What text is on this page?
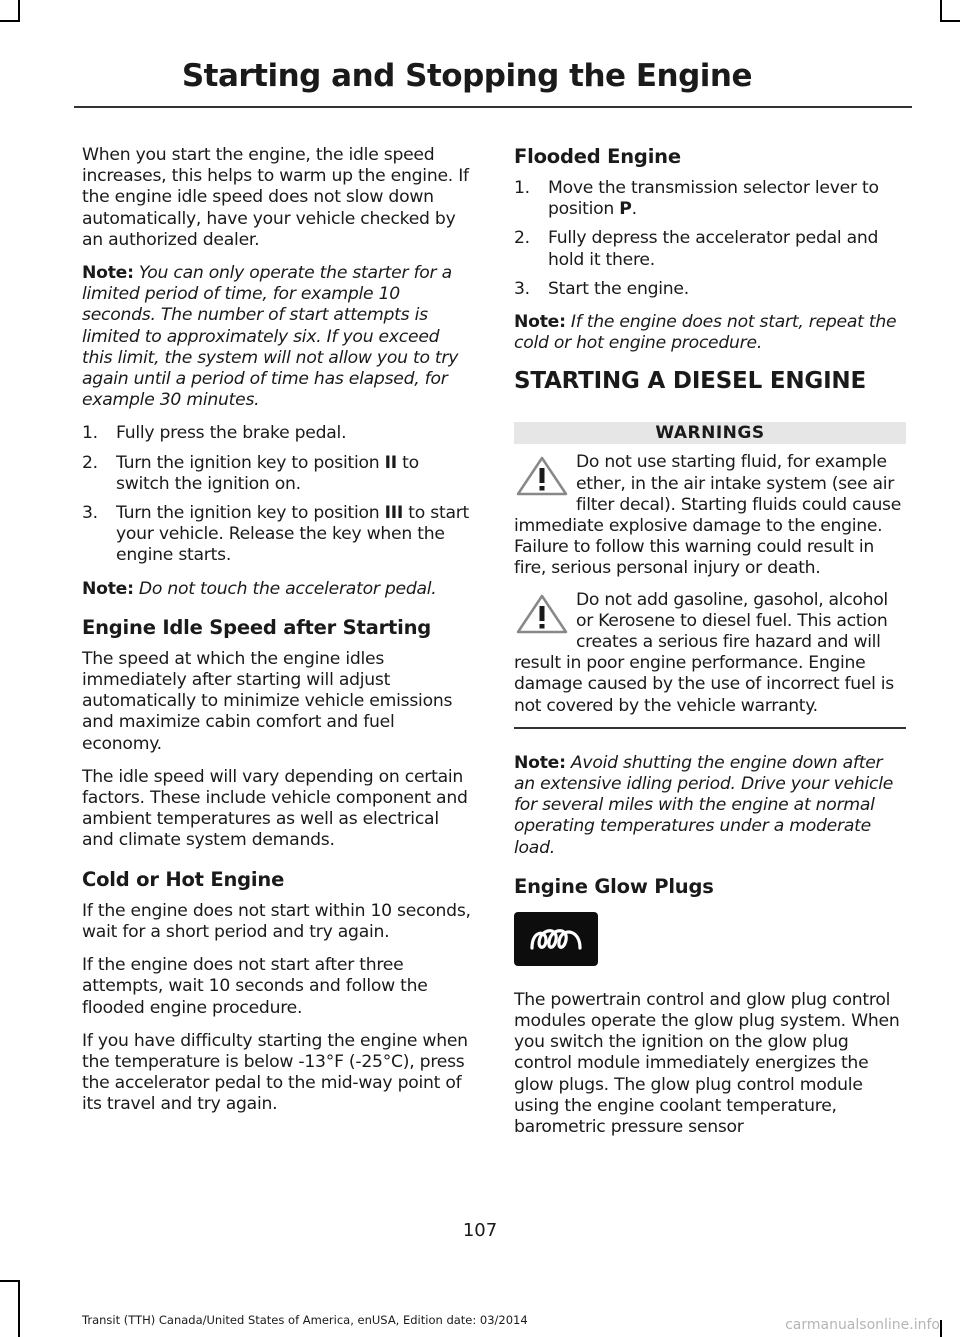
Starting and Stopping the Engine

When you start the engine, the idle speed increases, this helps to warm up the engine. If the engine idle speed does not slow down automatically, have your vehicle checked by an authorized dealer.

Note: You can only operate the starter for a limited period of time, for example 10 seconds. The number of start attempts is limited to approximately six. If you exceed this limit, the system will not allow you to try again until a period of time has elapsed, for example 30 minutes.

1. Fully press the brake pedal.
2. Turn the ignition key to position II to switch the ignition on.
3. Turn the ignition key to position III to start your vehicle. Release the key when the engine starts.

Note: Do not touch the accelerator pedal.

Engine Idle Speed after Starting

The speed at which the engine idles immediately after starting will adjust automatically to minimize vehicle emissions and maximize cabin comfort and fuel economy.

The idle speed will vary depending on certain factors. These include vehicle component and ambient temperatures as well as electrical and climate system demands.

Cold or Hot Engine

If the engine does not start within 10 seconds, wait for a short period and try again.

If the engine does not start after three attempts, wait 10 seconds and follow the flooded engine procedure.

If you have difficulty starting the engine when the temperature is below -13°F (-25°C), press the accelerator pedal to the mid-way point of its travel and try again.

Flooded Engine
1. Move the transmission selector lever to position P.
2. Fully depress the accelerator pedal and hold it there.
3. Start the engine.

Note: If the engine does not start, repeat the cold or hot engine procedure.

STARTING A DIESEL ENGINE
WARNINGS

Do not use starting fluid, for example ether, in the air intake system (see air filter decal). Starting fluids could cause immediate explosive damage to the engine. Failure to follow this warning could result in fire, serious personal injury or death.

Do not add gasoline, gasohol, alcohol or Kerosene to diesel fuel. This action creates a serious fire hazard and will result in poor engine performance. Engine damage caused by the use of incorrect fuel is not covered by the vehicle warranty.

Note: Avoid shutting the engine down after an extensive idling period. Drive your vehicle for several miles with the engine at normal operating temperatures under a moderate load.

Engine Glow Plugs

The powertrain control and glow plug control modules operate the glow plug system. When you switch the ignition on the glow plug control module immediately energizes the glow plugs. The glow plug control module using the engine coolant temperature, barometric pressure sensor

107
Transit (TTH) Canada/United States of America, enUSA, Edition date: 03/2014	carmanualsonline.info
